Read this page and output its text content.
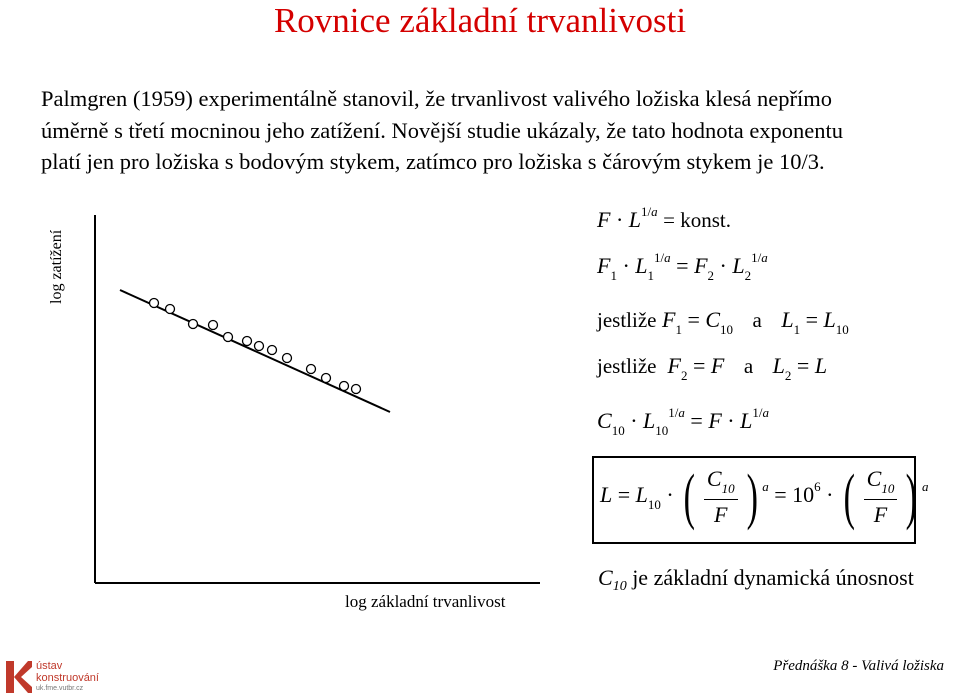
Rovnice základní trvanlivosti

Palmgren (1959) experimentálně stanovil, že trvanlivost valivého ložiska klesá nepřímo

úměrně s třetí mocninou jeho zatížení. Novější studie ukázaly, že tato hodnota exponentu

platí jen pro ložiska s bodovým stykem, zatímco pro ložiska s čárovým stykem je 10/3.

log zatížení
log základní trvanlivost
$F \cdot L^{1/a}$ = konst.
$F_1 \cdot L_1^{1/a} = F_2 \cdot L_2^{1/a}$
jestliže $F_1 = C_{10}$ a $L_1 = L_{10}$
jestliže $F_2 = F$ a $L_2 = L$
$C_{10} \cdot L_{10}^{1/a} = F \cdot L^{1/a}$
$L = L_{10}$ · ( $\frac{C_{10}}{F}$ ) $^a = 10^6$ · ( $\frac{C_{10}}{F}$ ) $^a$
$C_{10}$ je základní dynamická únosnost
ústav
konstruování
uk.fme.vutbr.cz
Přednáška 8 - Valivá ložiska
